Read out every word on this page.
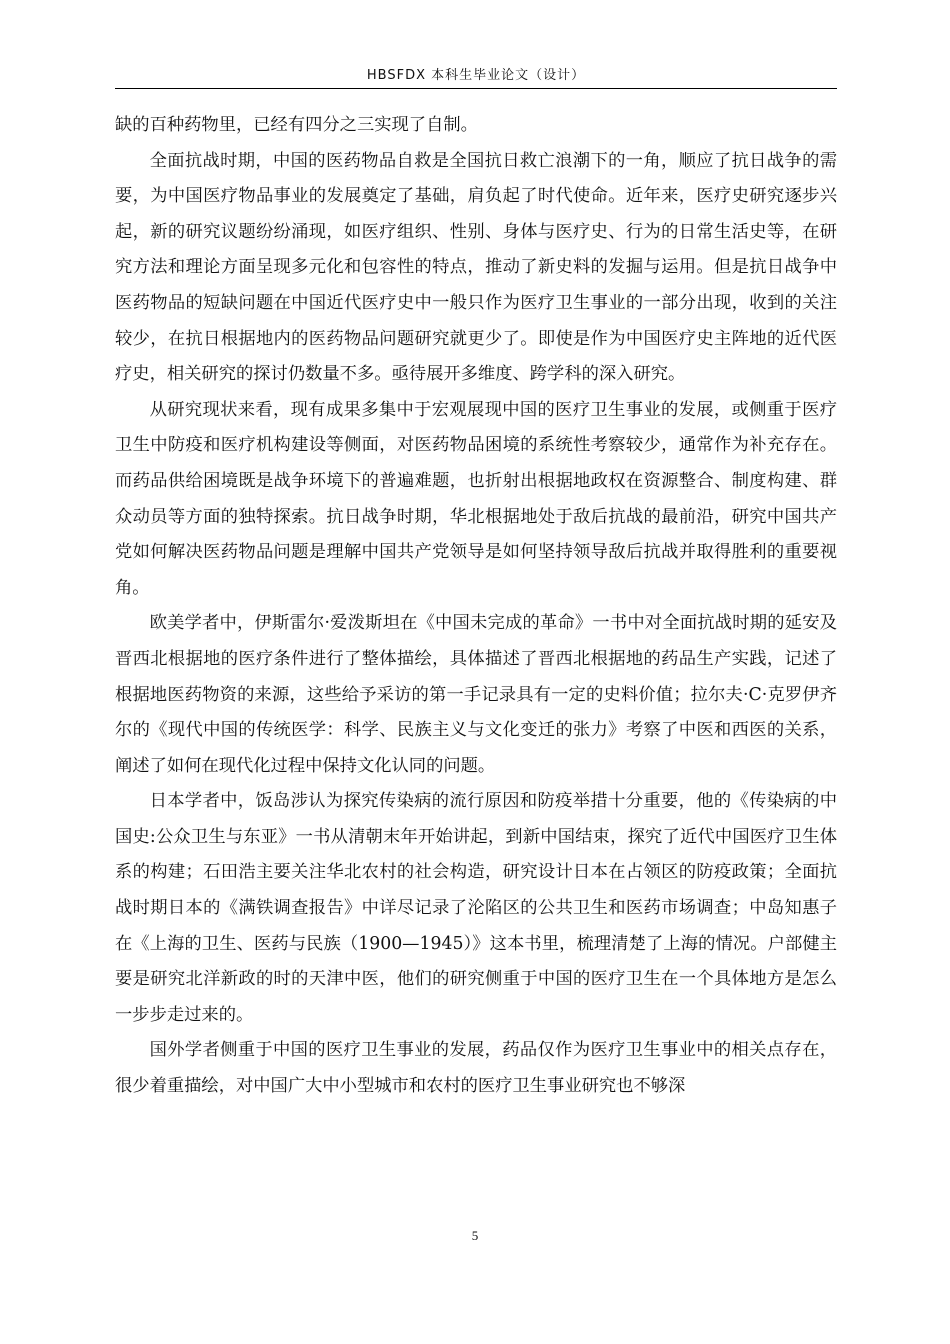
HBSFDX 本科生毕业论文（设计）

缺的百种药物里，已经有四分之三实现了自制。

全面抗战时期，中国的医药物品自救是全国抗日救亡浪潮下的一角，顺应了抗日战争的需要，为中国医疗物品事业的发展奠定了基础，肩负起了时代使命。近年来，医疗史研究逐步兴起，新的研究议题纷纷涌现，如医疗组织、性别、身体与医疗史、行为的日常生活史等，在研究方法和理论方面呈现多元化和包容性的特点，推动了新史料的发掘与运用。但是抗日战争中医药物品的短缺问题在中国近代医疗史中一般只作为医疗卫生事业的一部分出现，收到的关注较少，在抗日根据地内的医药物品问题研究就更少了。即使是作为中国医疗史主阵地的近代医疗史，相关研究的探讨仍数量不多。亟待展开多维度、跨学科的深入研究。

从研究现状来看，现有成果多集中于宏观展现中国的医疗卫生事业的发展，或侧重于医疗卫生中防疫和医疗机构建设等侧面，对医药物品困境的系统性考察较少，通常作为补充存在。而药品供给困境既是战争环境下的普遍难题，也折射出根据地政权在资源整合、制度构建、群众动员等方面的独特探索。抗日战争时期，华北根据地处于敌后抗战的最前沿，研究中国共产党如何解决医药物品问题是理解中国共产党领导是如何坚持领导敌后抗战并取得胜利的重要视角。

欧美学者中，伊斯雷尔·爱泼斯坦在《中国未完成的革命》一书中对全面抗战时期的延安及晋西北根据地的医疗条件进行了整体描绘，具体描述了晋西北根据地的药品生产实践，记述了根据地医药物资的来源，这些给予采访的第一手记录具有一定的史料价值；拉尔夫·C·克罗伊齐尔的《现代中国的传统医学：科学、民族主义与文化变迁的张力》考察了中医和西医的关系，阐述了如何在现代化过程中保持文化认同的问题。

日本学者中，饭岛涉认为探究传染病的流行原因和防疫举措十分重要，他的《传染病的中国史:公众卫生与东亚》一书从清朝末年开始讲起，到新中国结束，探究了近代中国医疗卫生体系的构建；石田浩主要关注华北农村的社会构造，研究设计日本在占领区的防疫政策；全面抗战时期日本的《满铁调查报告》中详尽记录了沦陷区的公共卫生和医药市场调查；中岛知惠子在《上海的卫生、医药与民族（1900—1945）》这本书里，梳理清楚了上海的情况。户部健主要是研究北洋新政的时的天津中医，他们的研究侧重于中国的医疗卫生在一个具体地方是怎么一步步走过来的。

国外学者侧重于中国的医疗卫生事业的发展，药品仅作为医疗卫生事业中的相关点存在，很少着重描绘，对中国广大中小型城市和农村的医疗卫生事业研究也不够深

5
